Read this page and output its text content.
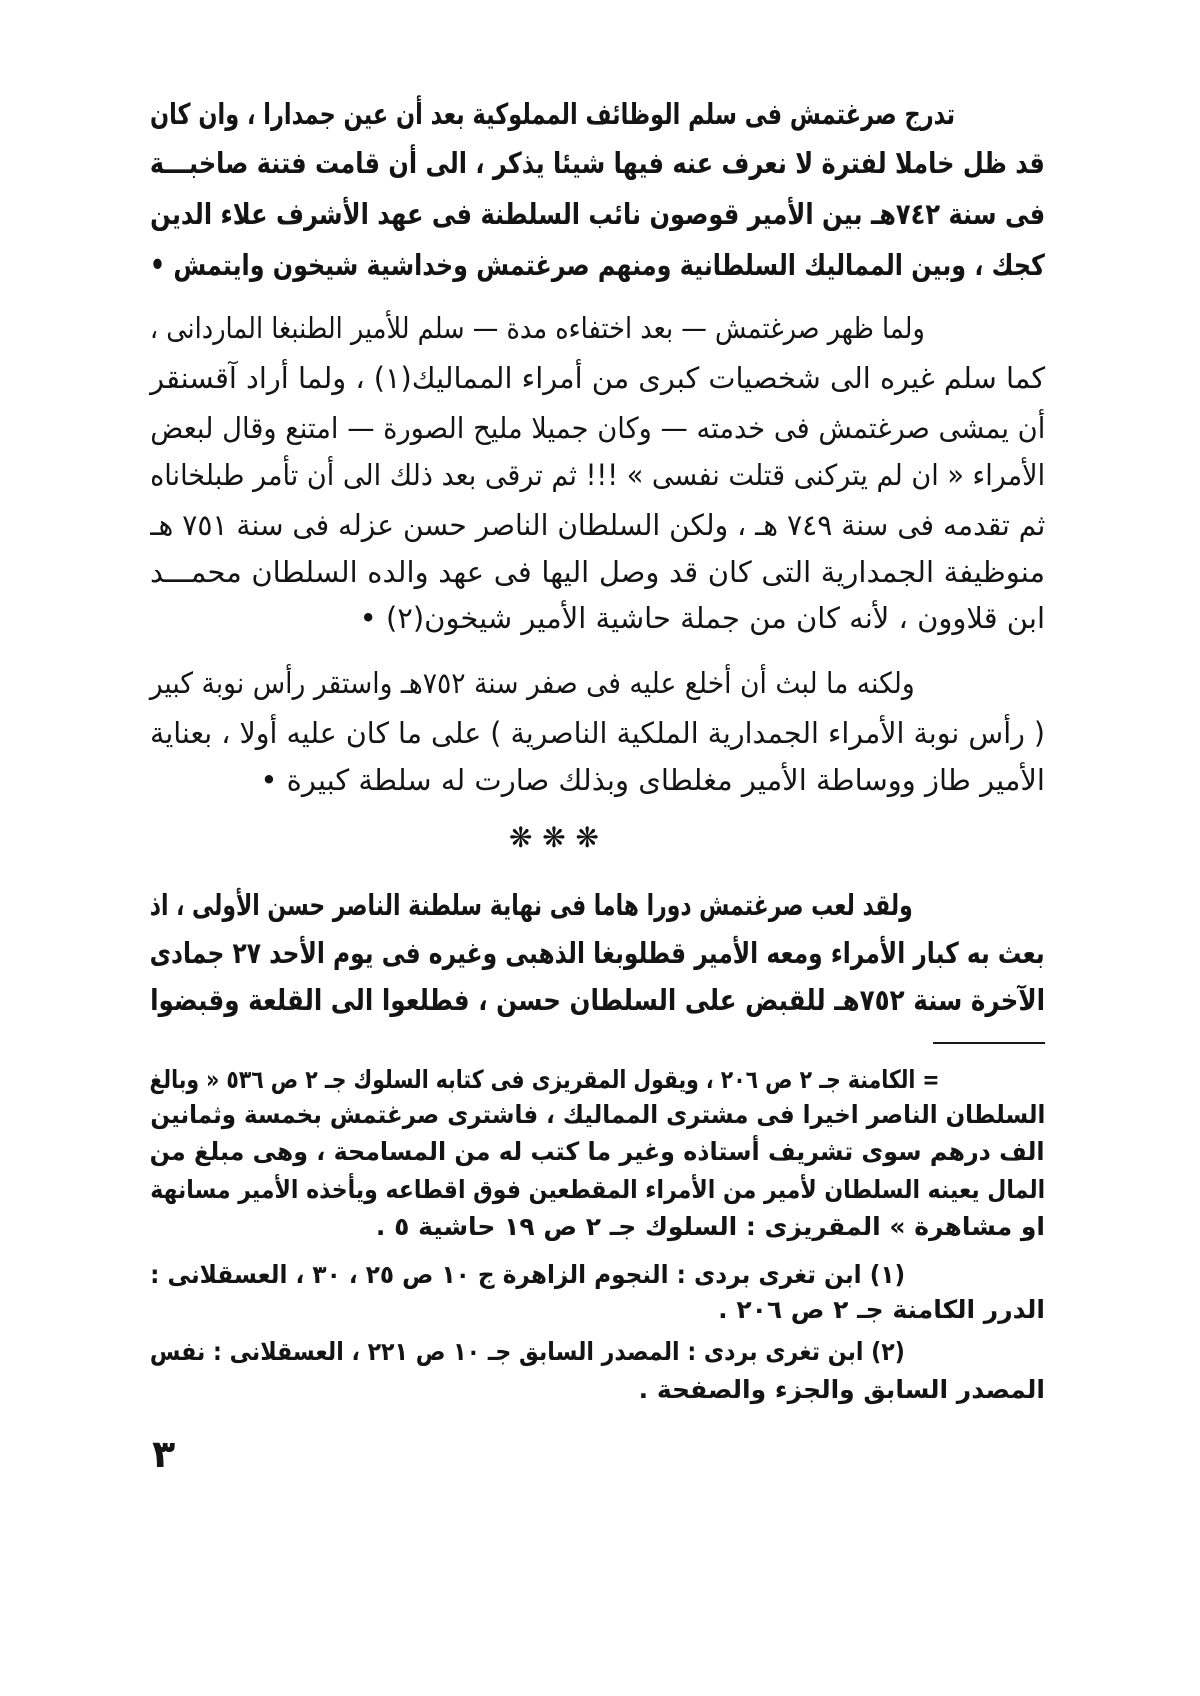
تدرج صرغتمش فى سلم الوظائف المملوكية بعد أن عين جمدارا ، وان كان
قد ظل خاملا لفترة لا نعرف عنه فيها شيئا يذكر ، الى أن قامت فتنة صاخبـــة
فى سنة ٧٤٢هـ بين الأمير قوصون نائب السلطنة فى عهد الأشرف علاء الدين
كجك ، وبين المماليك السلطانية ومنهم صرغتمش وخداشية شيخون وايتمش •
ولما ظهر صرغتمش — بعد اختفاءه مدة — سلم للأمير الطنبغا الماردانى ،
كما سلم غيره الى شخصيات كبرى من أمراء المماليك(١) ، ولما أراد آقسنقر
أن يمشى صرغتمش فى خدمته — وكان جميلا مليح الصورة — امتنع وقال لبعض
الأمراء « ان لم يتركنى قتلت نفسى » !!! ثم ترقى بعد ذلك الى أن تأمر طبلخاناه
ثم تقدمه فى سنة ٧٤٩ هـ ، ولكن السلطان الناصر حسن عزله فى سنة ٧٥١ هـ
منوظيفة الجمدارية التى كان قد وصل اليها فى عهد والده السلطان محمـــد
ابن قلاوون ، لأنه كان من جملة حاشية الأمير شيخون(٢) •
ولكنه ما لبث أن أخلع عليه فى صفر سنة ٧٥٢هـ واستقر رأس نوبة كبير
( رأس نوبة الأمراء الجمدارية الملكية الناصرية ) على ما كان عليه أولا ، بعناية
الأمير طاز ووساطة الأمير مغلطاى وبذلك صارت له سلطة كبيرة •
❋ ❋ ❋
ولقد لعب صرغتمش دورا هاما فى نهاية سلطنة الناصر حسن الأولى ، اذ
بعث به كبار الأمراء ومعه الأمير قطلوبغا الذهبى وغيره فى يوم الأحد ٢٧ جمادى
الآخرة سنة ٧٥٢هـ للقبض على السلطان حسن ، فطلعوا الى القلعة وقبضوا
= الكامنة جـ ٢ ص ٢٠٦ ، ويقول المقريزى فى كتابه السلوك جـ ٢ ص ٥٣٦ « وبالغ
السلطان الناصر اخيرا فى مشترى المماليك ، فاشترى صرغتمش بخمسة وثمانين
الف درهم سوى تشريف أستاذه وغير ما كتب له من المسامحة ، وهى مبلغ من
المال يعينه السلطان لأمير من الأمراء المقطعين فوق اقطاعه ويأخذه الأمير مسانهة
او مشاهرة » المقريزى : السلوك جـ ٢ ص ١٩ حاشية ٥ .
(١) ابن تغرى بردى : النجوم الزاهرة ج ١٠ ص ٢٥ ، ٣٠ ، العسقلانى :
الدرر الكامنة جـ ٢ ص ٢٠٦ .
(٢) ابن تغرى بردى : المصدر السابق جـ ١٠ ص ٢٢١ ، العسقلانى : نفس
المصدر السابق والجزء والصفحة .
٣
